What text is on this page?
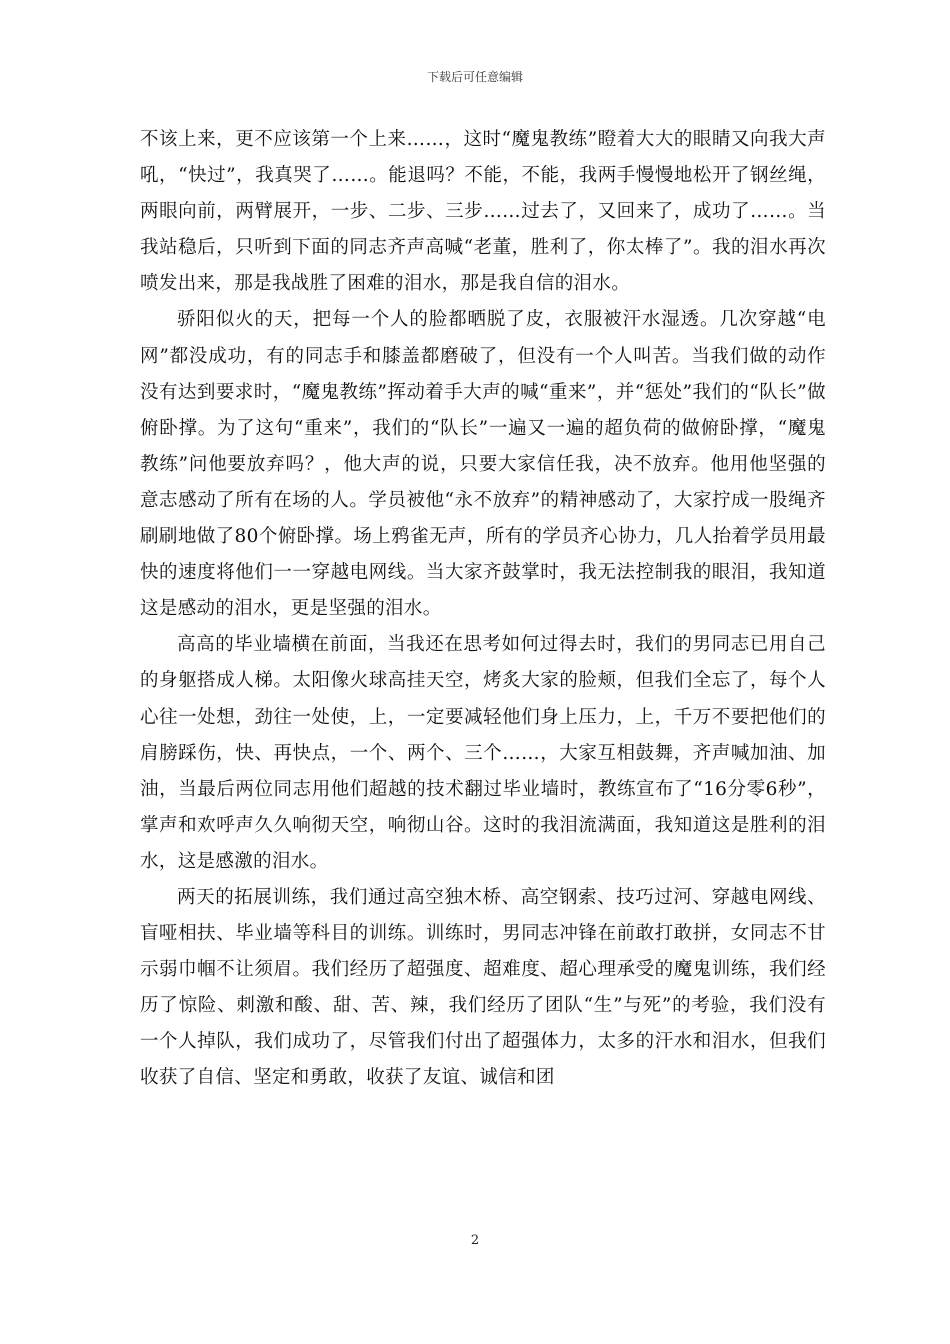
下载后可任意编辑

不该上来，更不应该第一个上来……，这时“魔鬼教练”瞪着大大的眼睛又向我大声吼，“快过”，我真哭了……。能退吗？不能，不能，我两手慢慢地松开了钢丝绳，两眼向前，两臂展开，一步、二步、三步……过去了，又回来了，成功了……。当我站稳后，只听到下面的同志齐声高喊“老董，胜利了，你太棒了”。我的泪水再次喷发出来，那是我战胜了困难的泪水，那是我自信的泪水。

骄阳似火的天，把每一个人的脸都晒脱了皮，衣服被汗水湿透。几次穿越“电网”都没成功，有的同志手和膝盖都磨破了，但没有一个人叫苦。当我们做的动作没有达到要求时，“魔鬼教练”挥动着手大声的喊“重来”，并“惩处”我们的“队长”做俯卧撑。为了这句“重来”，我们的“队长”一遍又一遍的超负荷的做俯卧撑，“魔鬼教练”问他要放弃吗？，他大声的说，只要大家信任我，决不放弃。他用他坚强的意志感动了所有在场的人。学员被他“永不放弃”的精神感动了，大家拧成一股绳齐刷刷地做了80个俯卧撑。场上鸦雀无声，所有的学员齐心协力，几人抬着学员用最快的速度将他们一一穿越电网线。当大家齐鼓掌时，我无法控制我的眼泪，我知道这是感动的泪水，更是坚强的泪水。

高高的毕业墙横在前面，当我还在思考如何过得去时，我们的男同志已用自己的身躯搭成人梯。太阳像火球高挂天空，烤炙大家的脸颊，但我们全忘了，每个人心往一处想，劲往一处使，上，一定要减轻他们身上压力，上，千万不要把他们的肩膀踩伤，快、再快点，一个、两个、三个……，大家互相鼓舞，齐声喊加油、加油，当最后两位同志用他们超越的技术翻过毕业墙时，教练宣布了“16分零6秒”，掌声和欢呼声久久响彻天空，响彻山谷。这时的我泪流满面，我知道这是胜利的泪水，这是感激的泪水。

两天的拓展训练，我们通过高空独木桥、高空钢索、技巧过河、穿越电网线、盲哑相扶、毕业墙等科目的训练。训练时，男同志冲锋在前敢打敢拼，女同志不甘示弱巾帼不让须眉。我们经历了超强度、超难度、超心理承受的魔鬼训练，我们经历了惊险、刺激和酸、甜、苦、辣，我们经历了团队“生”与死”的考验，我们没有一个人掉队，我们成功了，尽管我们付出了超强体力，太多的汗水和泪水，但我们收获了自信、坚定和勇敢，收获了友谊、诚信和团

2
